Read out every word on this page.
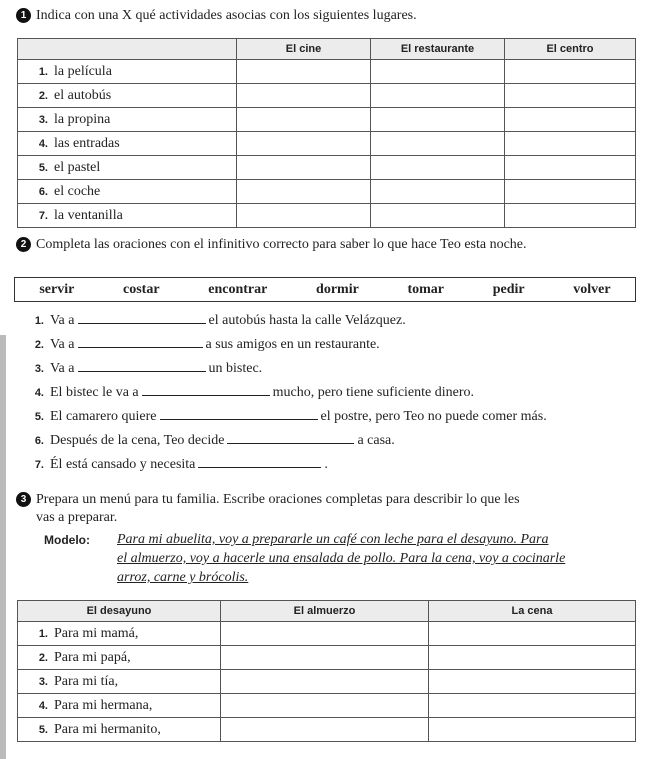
1 Indica con una X qué actividades asocias con los siguientes lugares.
	El cine	El restaurante	El centro
1. la película			
2. el autobús			
3. la propina			
4. las entradas			
5. el pastel			
6. el coche			
7. la ventanilla			
2 Completa las oraciones con el infinitivo correcto para saber lo que hace Teo esta noche.
servir	costar	encontrar	dormir	tomar	pedir	volver
1. Va a	el autobús hasta la calle Velázquez.
2. Va a	a sus amigos en un restaurante.
3. Va a	un bistec.
4. El bistec le va a	mucho, pero tiene suficiente dinero.
5. El camarero quiere	el postre, pero Teo no puede comer más.
6. Después de la cena, Teo decide	a casa.
7. Él está cansado y necesita	.
3 Prepara un menú para tu familia. Escribe oraciones completas para describir lo que les
vas a preparar.
Modelo: Para mi abuelita, voy a prepararle un café con leche para el desayuno. Para
el almuerzo, voy a hacerle una ensalada de pollo. Para la cena, voy a cocinarle
arroz, carne y brócolis.
El desayuno	El almuerzo	La cena
1. Para mi mamá,		
2. Para mi papá,		
3. Para mi tía,		
4. Para mi hermana,		
5. Para mi hermanito,		
